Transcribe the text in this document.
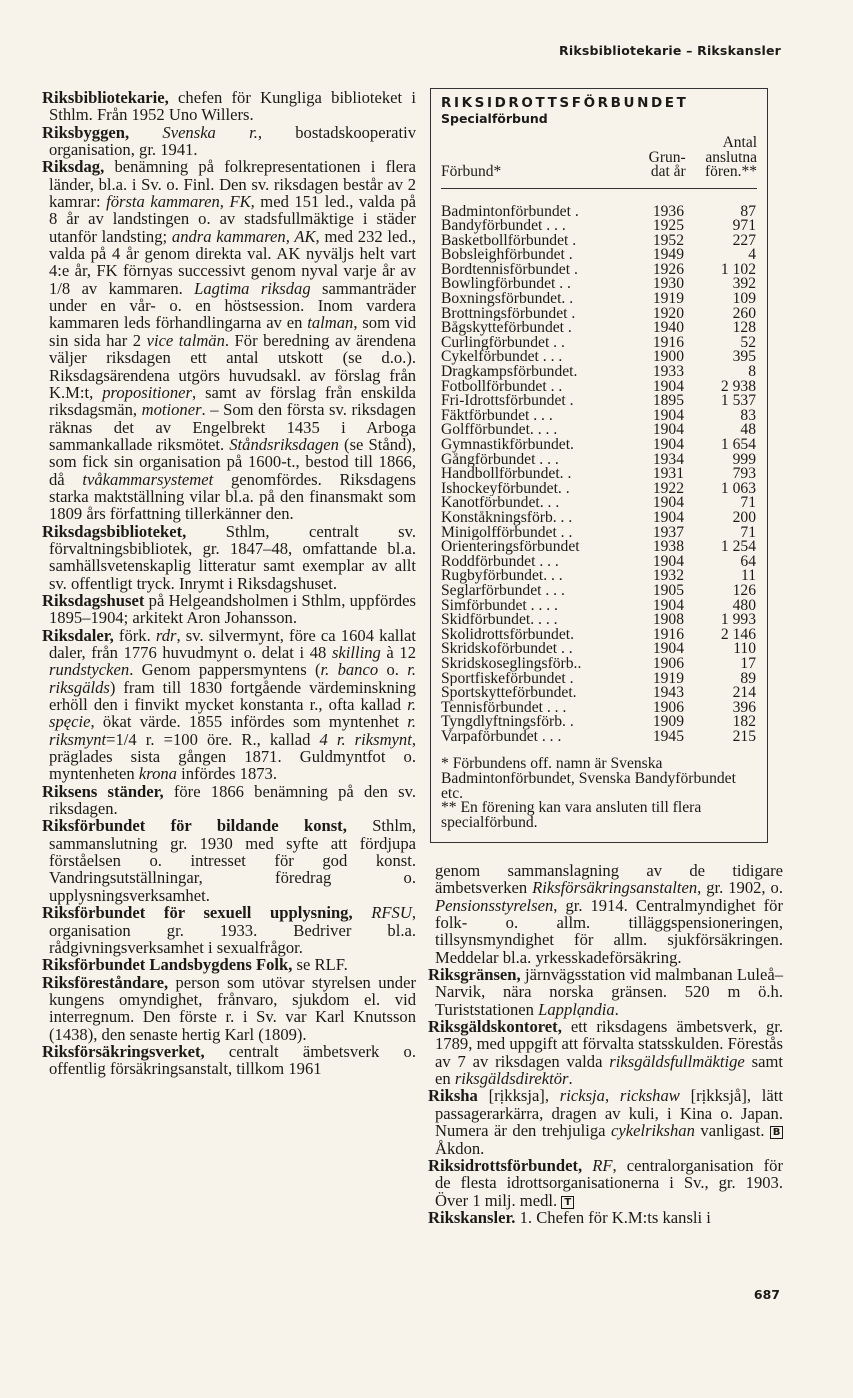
Riksbibliotekarie – Rikskansler
Riksbibliotekarie, chefen för Kungliga biblioteket i Sthlm. Från 1952 Uno Willers.
Riksbyggen, Svenska r., bostadskooperativ organisation, gr. 1941.
Riksdag, benämning på folkrepresentationen i flera länder, bl.a. i Sv. o. Finl. Den sv. riksdagen består av 2 kamrar: första kammaren, FK, med 151 led., valda på 8 år av landstingen o. av stadsfullmäktige i städer utanför landsting; andra kammaren, AK, med 232 led., valda på 4 år genom direkta val. AK nyväljs helt vart 4:e år, FK förnyas successivt genom nyval varje år av 1/8 av kammaren. Lagtima riksdag sammanträder under en vår- o. en höstsession. Inom vardera kammaren leds förhandlingarna av en talman, som vid sin sida har 2 vice talmän. För beredning av ärendena väljer riksdagen ett antal utskott (se d.o.). Riksdagsärendena utgörs huvudsakl. av förslag från K.M:t, propositioner, samt av förslag från enskilda riksdagsmän, motioner. – Som den första sv. riksdagen räknas det av Engelbrekt 1435 i Arboga sammankallade riksmötet. Ståndsriksdagen (se Stånd), som fick sin organisation på 1600-t., bestod till 1866, då tvåkammarsystemet genomfördes. Riksdagens starka maktställning vilar bl.a. på den finansmakt som 1809 års författning tillerkänner den.
Riksdagsbiblioteket, Sthlm, centralt sv. förvaltningsbibliotek, gr. 1847–48, omfattande bl.a. samhällsvetenskaplig litteratur samt exemplar av allt sv. offentligt tryck. Inrymt i Riksdagshuset.
Riksdagshuset på Helgeandsholmen i Sthlm, uppfördes 1895–1904; arkitekt Aron Johansson.
Riksdaler, förk. rdr, sv. silvermynt, före ca 1604 kallat daler, från 1776 huvudmynt o. delat i 48 skilling à 12 rundstycken. Genom pappersmyntens (r. banco o. r. riksgälds) fram till 1830 fortgående värdeminskning erhöll den i finvikt mycket konstanta r., ofta kallad r. spęcie, ökat värde. 1855 infördes som myntenhet r. riksmynt=1/4 r. =100 öre. R., kallad 4 r. riksmynt, präglades sista gången 1871. Guldmyntfot o. myntenheten krona infördes 1873.
Riksens ständer, före 1866 benämning på den sv. riksdagen.
Riksförbundet för bildande konst, Sthlm, sammanslutning gr. 1930 med syfte att fördjupa förståelsen o. intresset för god konst. Vandringsutställningar, föredrag o. upplysningsverksamhet.
Riksförbundet för sexuell upplysning, RFSU, organisation gr. 1933. Bedriver bl.a. rådgivningsverksamhet i sexualfrågor.
Riksförbundet Landsbygdens Folk, se RLF.
Riksföreståndare, person som utövar styrelsen under kungens omyndighet, frånvaro, sjukdom el. vid interregnum. Den förste r. i Sv. var Karl Knutsson (1438), den senaste hertig Karl (1809).
Riksförsäkringsverket, centralt ämbetsverk o. offentlig försäkringsanstalt, tillkom 1961
RIKSIDROTTSFÖRBUNDET
Specialförbund
Förbund*
Grun-
dat år
Antal
anslutna
fören.**
Badmintonförbundet .	1936	87
Bandyförbundet . . .	1925	971
Basketbollförbundet .	1952	227
Bobsleighförbundet .	1949	4
Bordtennisförbundet .	1926	1 102
Bowlingförbundet . .	1930	392
Boxningsförbundet. .	1919	109
Brottningsförbundet .	1920	260
Bågskytteförbundet .	1940	128
Curlingförbundet . .	1916	52
Cykelförbundet . . .	1900	395
Dragkampsförbundet.	1933	8
Fotbollförbundet . .	1904	2 938
Fri-Idrottsförbundet .	1895	1 537
Fäktförbundet . . .	1904	83
Golfförbundet. . . .	1904	48
Gymnastikförbundet.	1904	1 654
Gångförbundet . . .	1934	999
Handbollförbundet. .	1931	793
Ishockeyförbundet. .	1922	1 063
Kanotförbundet. . .	1904	71
Konståkningsförb. . .	1904	200
Minigolfförbundet . .	1937	71
Orienteringsförbundet	1938	1 254
Roddförbundet . . .	1904	64
Rugbyförbundet. . .	1932	11
Seglarförbundet . . .	1905	126
Simförbundet . . . .	1904	480
Skidförbundet. . . .	1908	1 993
Skolidrottsförbundet.	1916	2 146
Skridskoförbundet . .	1904	110
Skridskoseglingsförb..	1906	17
Sportfiskeförbundet .	1919	89
Sportskytteförbundet.	1943	214
Tennisförbundet . . .	1906	396
Tyngdlyftningsförb. .	1909	182
Varpaförbundet . . .	1945	215
* Förbundens off. namn är Svenska Badmintonförbundet, Svenska Bandyförbundet etc.
** En förening kan vara ansluten till flera specialförbund.
genom sammanslagning av de tidigare ämbetsverken Riksförsäkringsanstalten, gr. 1902, o. Pensionsstyrelsen, gr. 1914. Centralmyndighet för folk- o. allm. tilläggspensioneringen, tillsynsmyndighet för allm. sjukförsäkringen. Meddelar bl.a. yrkesskadeförsäkring.
Riksgränsen, järnvägsstation vid malmbanan Luleå–Narvik, nära norska gränsen. 520 m ö.h. Turiststationen Lapplạndia.
Riksgäldskontoret, ett riksdagens ämbetsverk, gr. 1789, med uppgift att förvalta statsskulden. Förestås av 7 av riksdagen valda riksgäldsfullmäktige samt en riksgäldsdirektör.
Riksha [rịkksja], ricksja, rickshaw [rịkksjå], lätt passagerarkärra, dragen av kuli, i Kina o. Japan. Numera är den trehjuliga cykelrikshan vanligast. B Åkdon.
Riksidrottsförbundet, RF, centralorganisation för de flesta idrottsorganisationerna i Sv., gr. 1903. Över 1 milj. medl. T
Rikskansler. 1. Chefen för K.M:ts kansli i
687
